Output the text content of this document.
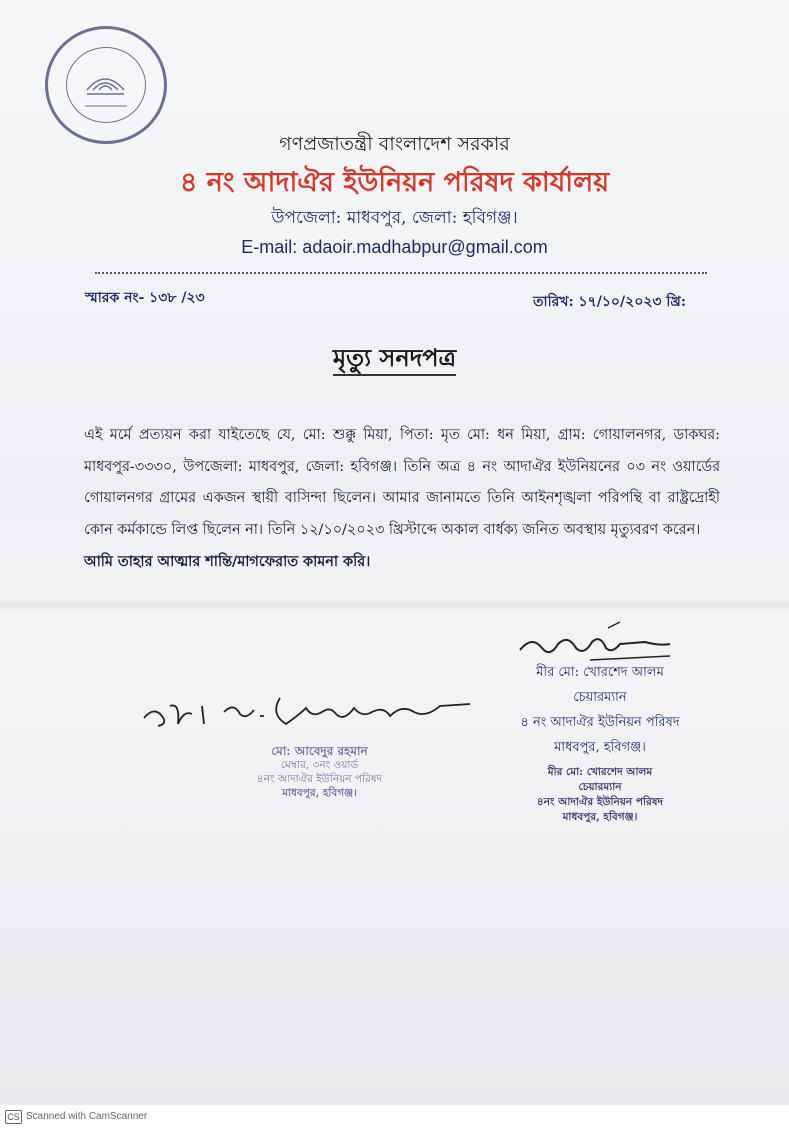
গণপ্রজাতন্ত্রী বাংলাদেশ সরকার
৪ নং আদাঐর ইউনিয়ন পরিষদ কার্যালয়
উপজেলা: মাধবপুর, জেলা: হবিগঞ্জ।
E-mail: adaoir.madhabpur@gmail.com
স্মারক নং- ১৩৮ /২৩	তারিখ: ১৭/১০/২০২৩ খ্রি:
মৃত্যু সনদপত্র
এই মর্মে প্রত্যয়ন করা যাইতেছে যে, মো: শুক্কু মিয়া, পিতা: মৃত মো: ধন মিয়া, গ্রাম: গোয়ালনগর, ডাকঘর: মাধবপুর-৩৩৩০, উপজেলা: মাধবপুর, জেলা: হবিগঞ্জ। তিনি অত্র ৪ নং আদাঐর ইউনিয়নের ০৩ নং ওয়ার্ডের গোয়ালনগর গ্রামের একজন স্থায়ী বাসিন্দা ছিলেন। আমার জানামতে তিনি আইনশৃঙ্খলা পরিপন্থি বা রাষ্ট্রদ্রোহী কোন কর্মকান্ডে লিপ্ত ছিলেন না। তিনি ১২/১০/২০২৩ খ্রিস্টাব্দে অকাল বার্ধক্য জনিত অবস্থায় মৃত্যুবরণ করেন।
আমি তাহার আত্মার শান্তি/মাগফেরাত কামনা করি।
মীর মো: খোরশেদ আলম
চেয়ারম্যান
৪ নং আদাঐর ইউনিয়ন পরিষদ
মাধবপুর, হবিগঞ্জ।
মীর মো: খোরশেদ আলম
চেয়ারম্যান
৪নং আদাঐর ইউনিয়ন পরিষদ
মাধবপুর, হবিগঞ্জ।
মো: আবেদুর রহমান
মেম্বার, ৩নং ওয়ার্ড
৪নং আদাঐর ইউনিয়ন পরিষদ
মাধবপুর, হবিগঞ্জ।
CS Scanned with CamScanner
